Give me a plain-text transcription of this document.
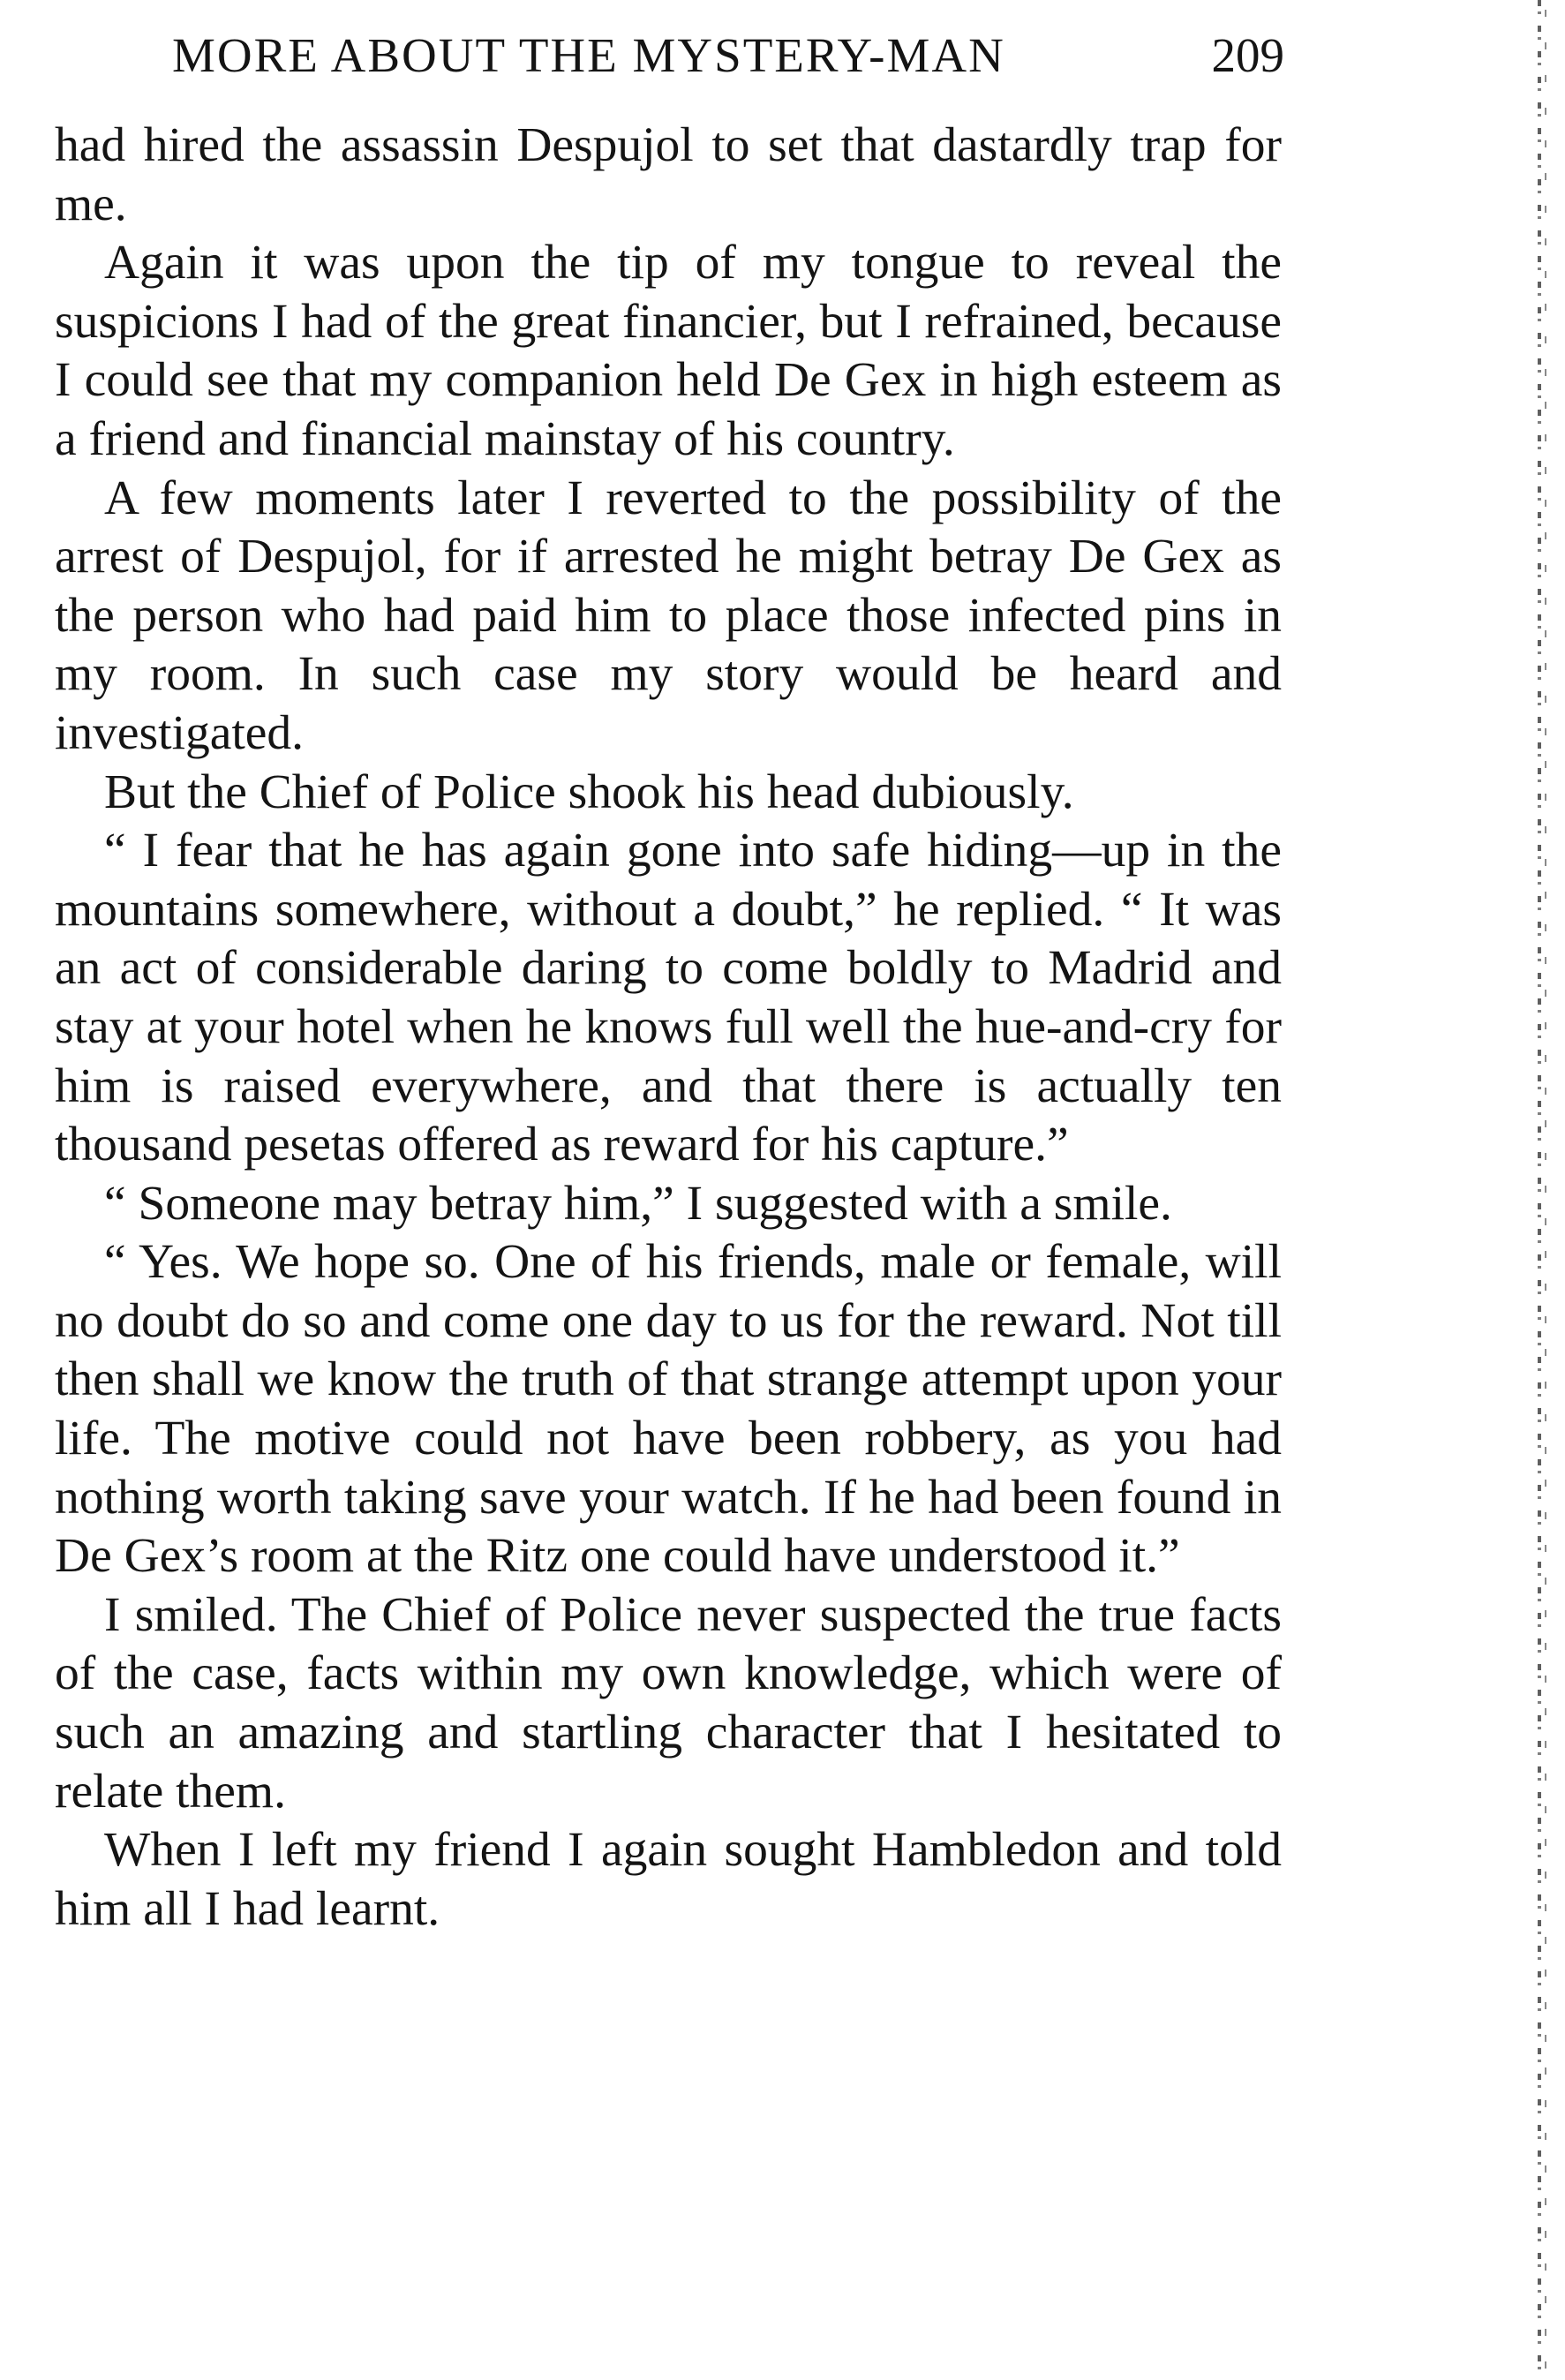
MORE ABOUT THE MYSTERY-MAN	209

had hired the assassin Despujol to set that dastardly trap for me.

Again it was upon the tip of my tongue to reveal the suspicions I had of the great financier, but I refrained, because I could see that my companion held De Gex in high esteem as a friend and financial mainstay of his country.

A few moments later I reverted to the possibility of the arrest of Despujol, for if arrested he might betray De Gex as the person who had paid him to place those infected pins in my room. In such case my story would be heard and investigated.

But the Chief of Police shook his head dubiously.

“ I fear that he has again gone into safe hiding—up in the mountains somewhere, without a doubt,” he replied. “ It was an act of considerable daring to come boldly to Madrid and stay at your hotel when he knows full well the hue-and-cry for him is raised everywhere, and that there is actually ten thousand pesetas offered as reward for his capture.”

“ Someone may betray him,” I suggested with a smile.

“ Yes. We hope so. One of his friends, male or female, will no doubt do so and come one day to us for the reward. Not till then shall we know the truth of that strange attempt upon your life. The motive could not have been robbery, as you had nothing worth taking save your watch. If he had been found in De Gex’s room at the Ritz one could have understood it.”

I smiled. The Chief of Police never suspected the true facts of the case, facts within my own knowledge, which were of such an amazing and startling character that I hesitated to relate them.

When I left my friend I again sought Hambledon and told him all I had learnt.
